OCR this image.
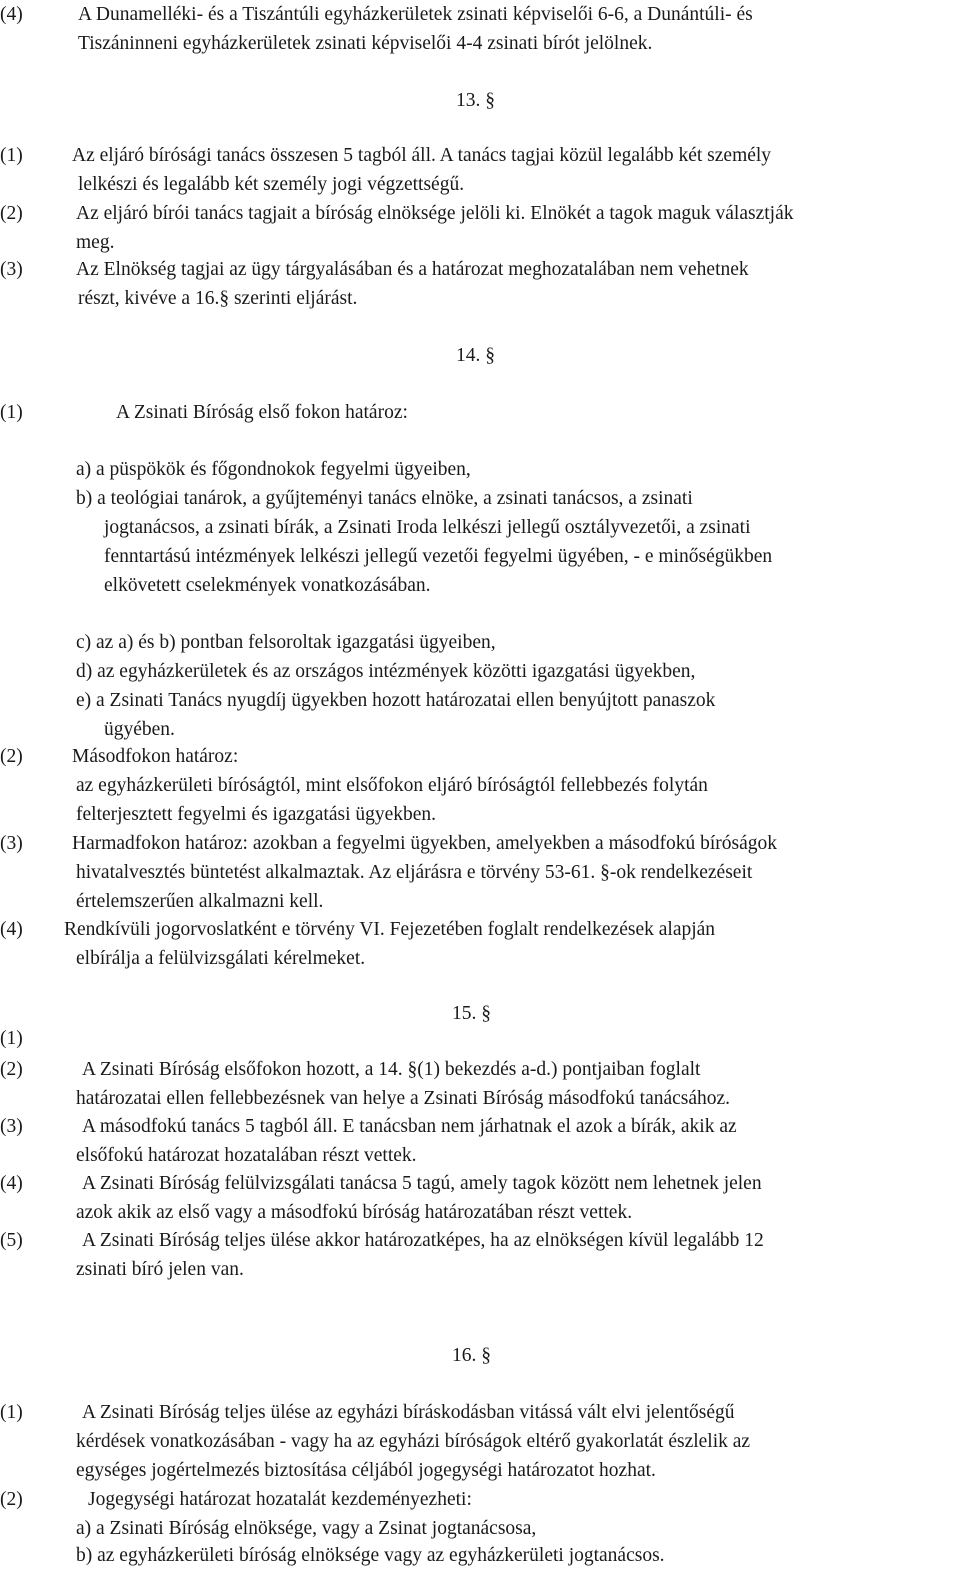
(4)	A Dunamelléki- és a Tiszántúli egyházkerületek zsinati képviselői 6-6, a Dunántúli- és
Tiszáninneni egyházkerületek zsinati képviselői 4-4 zsinati bírót jelölnek.
13. §
(1)	Az eljáró bírósági tanács összesen 5 tagból áll. A tanács tagjai közül legalább két személy
lelkészi és legalább két személy jogi végzettségű.
(2)	Az eljáró bírói tanács tagjait a bíróság elnöksége jelöli ki. Elnökét a tagok maguk választják
meg.
(3)	Az Elnökség tagjai az ügy tárgyalásában és a határozat meghozatalában nem vehetnek
részt, kivéve a 16.§ szerinti eljárást.
14. §
(1)	A Zsinati Bíróság első fokon határoz:
a) a püspökök és főgondnokok fegyelmi ügyeiben,
b) a teológiai tanárok, a gyűjteményi tanács elnöke, a zsinati tanácsos, a zsinati
jogtanácsos, a zsinati bírák, a Zsinati Iroda lelkészi jellegű osztályvezetői, a zsinati
fenntartású intézmények lelkészi jellegű vezetői fegyelmi ügyében, - e minőségükben
elkövetett cselekmények vonatkozásában.
c) az a) és b) pontban felsoroltak igazgatási ügyeiben,
d) az egyházkerületek és az országos intézmények közötti igazgatási ügyekben,
e) a Zsinati Tanács nyugdíj ügyekben hozott határozatai ellen benyújtott panaszok
ügyében.
(2)	Másodfokon határoz:
az egyházkerületi bíróságtól, mint elsőfokon eljáró bíróságtól fellebbezés folytán
felterjesztett fegyelmi és igazgatási ügyekben.
(3)	Harmadfokon határoz: azokban a fegyelmi ügyekben, amelyekben a másodfokú bíróságok
hivatalvesztés büntetést alkalmaztak. Az eljárásra e törvény 53-61. §-ok rendelkezéseit
értelemszerűen alkalmazni kell.
(4) Rendkívüli jogorvoslatként e törvény VI. Fejezetében foglalt rendelkezések alapján
elbírálja a felülvizsgálati kérelmeket.
15. §
(1)
(2)	A Zsinati Bíróság elsőfokon hozott, a 14. §(1) bekezdés a-d.) pontjaiban foglalt
határozatai ellen fellebbezésnek van helye a Zsinati Bíróság másodfokú tanácsához.
(3)	A másodfokú tanács 5 tagból áll. E tanácsban nem járhatnak el azok a bírák, akik az
elsőfokú határozat hozatalában részt vettek.
(4)	A Zsinati Bíróság felülvizsgálati tanácsa 5 tagú, amely tagok között nem lehetnek jelen
azok akik az első vagy a másodfokú bíróság határozatában részt vettek.
(5)	A Zsinati Bíróság teljes ülése akkor határozatképes, ha az elnökségen kívül legalább 12
zsinati bíró jelen van.
16. §
(1)	A Zsinati Bíróság teljes ülése az egyházi bíráskodásban vitássá vált elvi jelentőségű
kérdések vonatkozásában - vagy ha az egyházi bíróságok eltérő gyakorlatát észlelik az
egységes jogértelmezés biztosítása céljából jogegységi határozatot hozhat.
(2)	Jogegységi határozat hozatalát kezdeményezheti:
a) a Zsinati Bíróság elnöksége, vagy a Zsinat jogtanácsosa,
b) az egyházkerületi bíróság elnöksége vagy az egyházkerületi jogtanácsos.
